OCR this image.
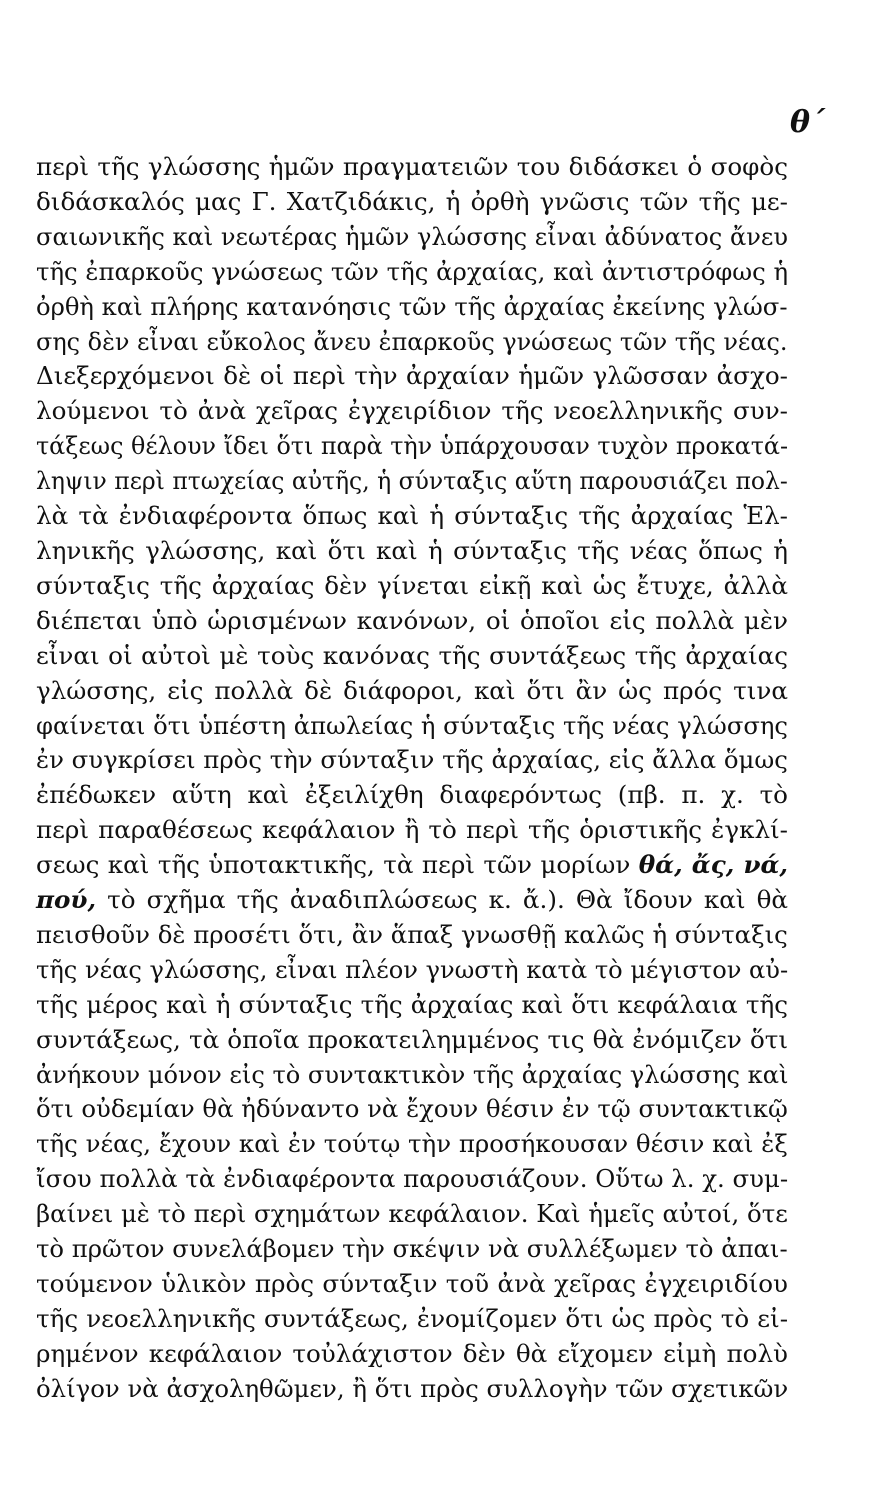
θ΄
περὶ τῆς γλώσσης ἡμῶν πραγματειῶν του διδάσκει ὁ σοφὸς
διδάσκαλός μας Γ. Χατζιδάκις, ἡ ὀρθὴ γνῶσις τῶν τῆς με-
σαιωνικῆς καὶ νεωτέρας ἡμῶν γλώσσης εἶναι ἀδύνατος ἄνευ
τῆς ἐπαρκοῦς γνώσεως τῶν τῆς ἀρχαίας, καὶ ἀντιστρόφως ἡ
ὀρθὴ καὶ πλήρης κατανόησις τῶν τῆς ἀρχαίας ἐκείνης γλώσ-
σης δὲν εἶναι εὔκολος ἄνευ ἐπαρκοῦς γνώσεως τῶν τῆς νέας.
Διεξερχόμενοι δὲ οἱ περὶ τὴν ἀρχαίαν ἡμῶν γλῶσσαν ἀσχο-
λούμενοι τὸ ἀνὰ χεῖρας ἐγχειρίδιον τῆς νεοελληνικῆς συν-
τάξεως θέλουν ἴδει ὅτι παρὰ τὴν ὑπάρχουσαν τυχὸν προκατά-
ληψιν περὶ πτωχείας αὐτῆς, ἡ σύνταξις αὕτη παρουσιάζει πολ-
λὰ τὰ ἐνδιαφέροντα ὅπως καὶ ἡ σύνταξις τῆς ἀρχαίας Ἑλ-
ληνικῆς γλώσσης, καὶ ὅτι καὶ ἡ σύνταξις τῆς νέας ὅπως ἡ
σύνταξις τῆς ἀρχαίας δὲν γίνεται εἰκῇ καὶ ὡς ἔτυχε, ἀλλὰ
διέπεται ὑπὸ ὡρισμένων κανόνων, οἱ ὁποῖοι εἰς πολλὰ μὲν
εἶναι οἱ αὐτοὶ μὲ τοὺς κανόνας τῆς συντάξεως τῆς ἀρχαίας
γλώσσης, εἰς πολλὰ δὲ διάφοροι, καὶ ὅτι ἂν ὡς πρός τινα
φαίνεται ὅτι ὑπέστη ἀπωλείας ἡ σύνταξις τῆς νέας γλώσσης
ἐν συγκρίσει πρὸς τὴν σύνταξιν τῆς ἀρχαίας, εἰς ἄλλα ὅμως
ἐπέδωκεν αὕτη καὶ ἐξειλίχθη διαφερόντως (πβ. π. χ. τὸ
περὶ παραθέσεως κεφάλαιον ἢ τὸ περὶ τῆς ὁριστικῆς ἐγκλί-
σεως καὶ τῆς ὑποτακτικῆς, τὰ περὶ τῶν μορίων θά, ἄς, νά,
πού, τὸ σχῆμα τῆς ἀναδιπλώσεως κ. ἄ.). Θὰ ἴδουν καὶ θὰ
πεισθοῦν δὲ προσέτι ὅτι, ἂν ἅπαξ γνωσθῇ καλῶς ἡ σύνταξις
τῆς νέας γλώσσης, εἶναι πλέον γνωστὴ κατὰ τὸ μέγιστον αὐ-
τῆς μέρος καὶ ἡ σύνταξις τῆς ἀρχαίας καὶ ὅτι κεφάλαια τῆς
συντάξεως, τὰ ὁποῖα προκατειλημμένος τις θὰ ἐνόμιζεν ὅτι
ἀνήκουν μόνον εἰς τὸ συντακτικὸν τῆς ἀρχαίας γλώσσης καὶ
ὅτι οὐδεμίαν θὰ ἠδύναντο νὰ ἔχουν θέσιν ἐν τῷ συντακτικῷ
τῆς νέας, ἔχουν καὶ ἐν τούτῳ τὴν προσήκουσαν θέσιν καὶ ἐξ
ἴσου πολλὰ τὰ ἐνδιαφέροντα παρουσιάζουν. Οὕτω λ. χ. συμ-
βαίνει μὲ τὸ περὶ σχημάτων κεφάλαιον. Καὶ ἡμεῖς αὐτοί, ὅτε
τὸ πρῶτον συνελάβομεν τὴν σκέψιν νὰ συλλέξωμεν τὸ ἀπαι-
τούμενον ὑλικὸν πρὸς σύνταξιν τοῦ ἀνὰ χεῖρας ἐγχειριδίου
τῆς νεοελληνικῆς συντάξεως, ἐνομίζομεν ὅτι ὡς πρὸς τὸ εἰ-
ρημένον κεφάλαιον τοὐλάχιστον δὲν θὰ εἴχομεν εἰμὴ πολὺ
ὀλίγον νὰ ἀσχοληθῶμεν, ἢ ὅτι πρὸς συλλογὴν τῶν σχετικῶν
